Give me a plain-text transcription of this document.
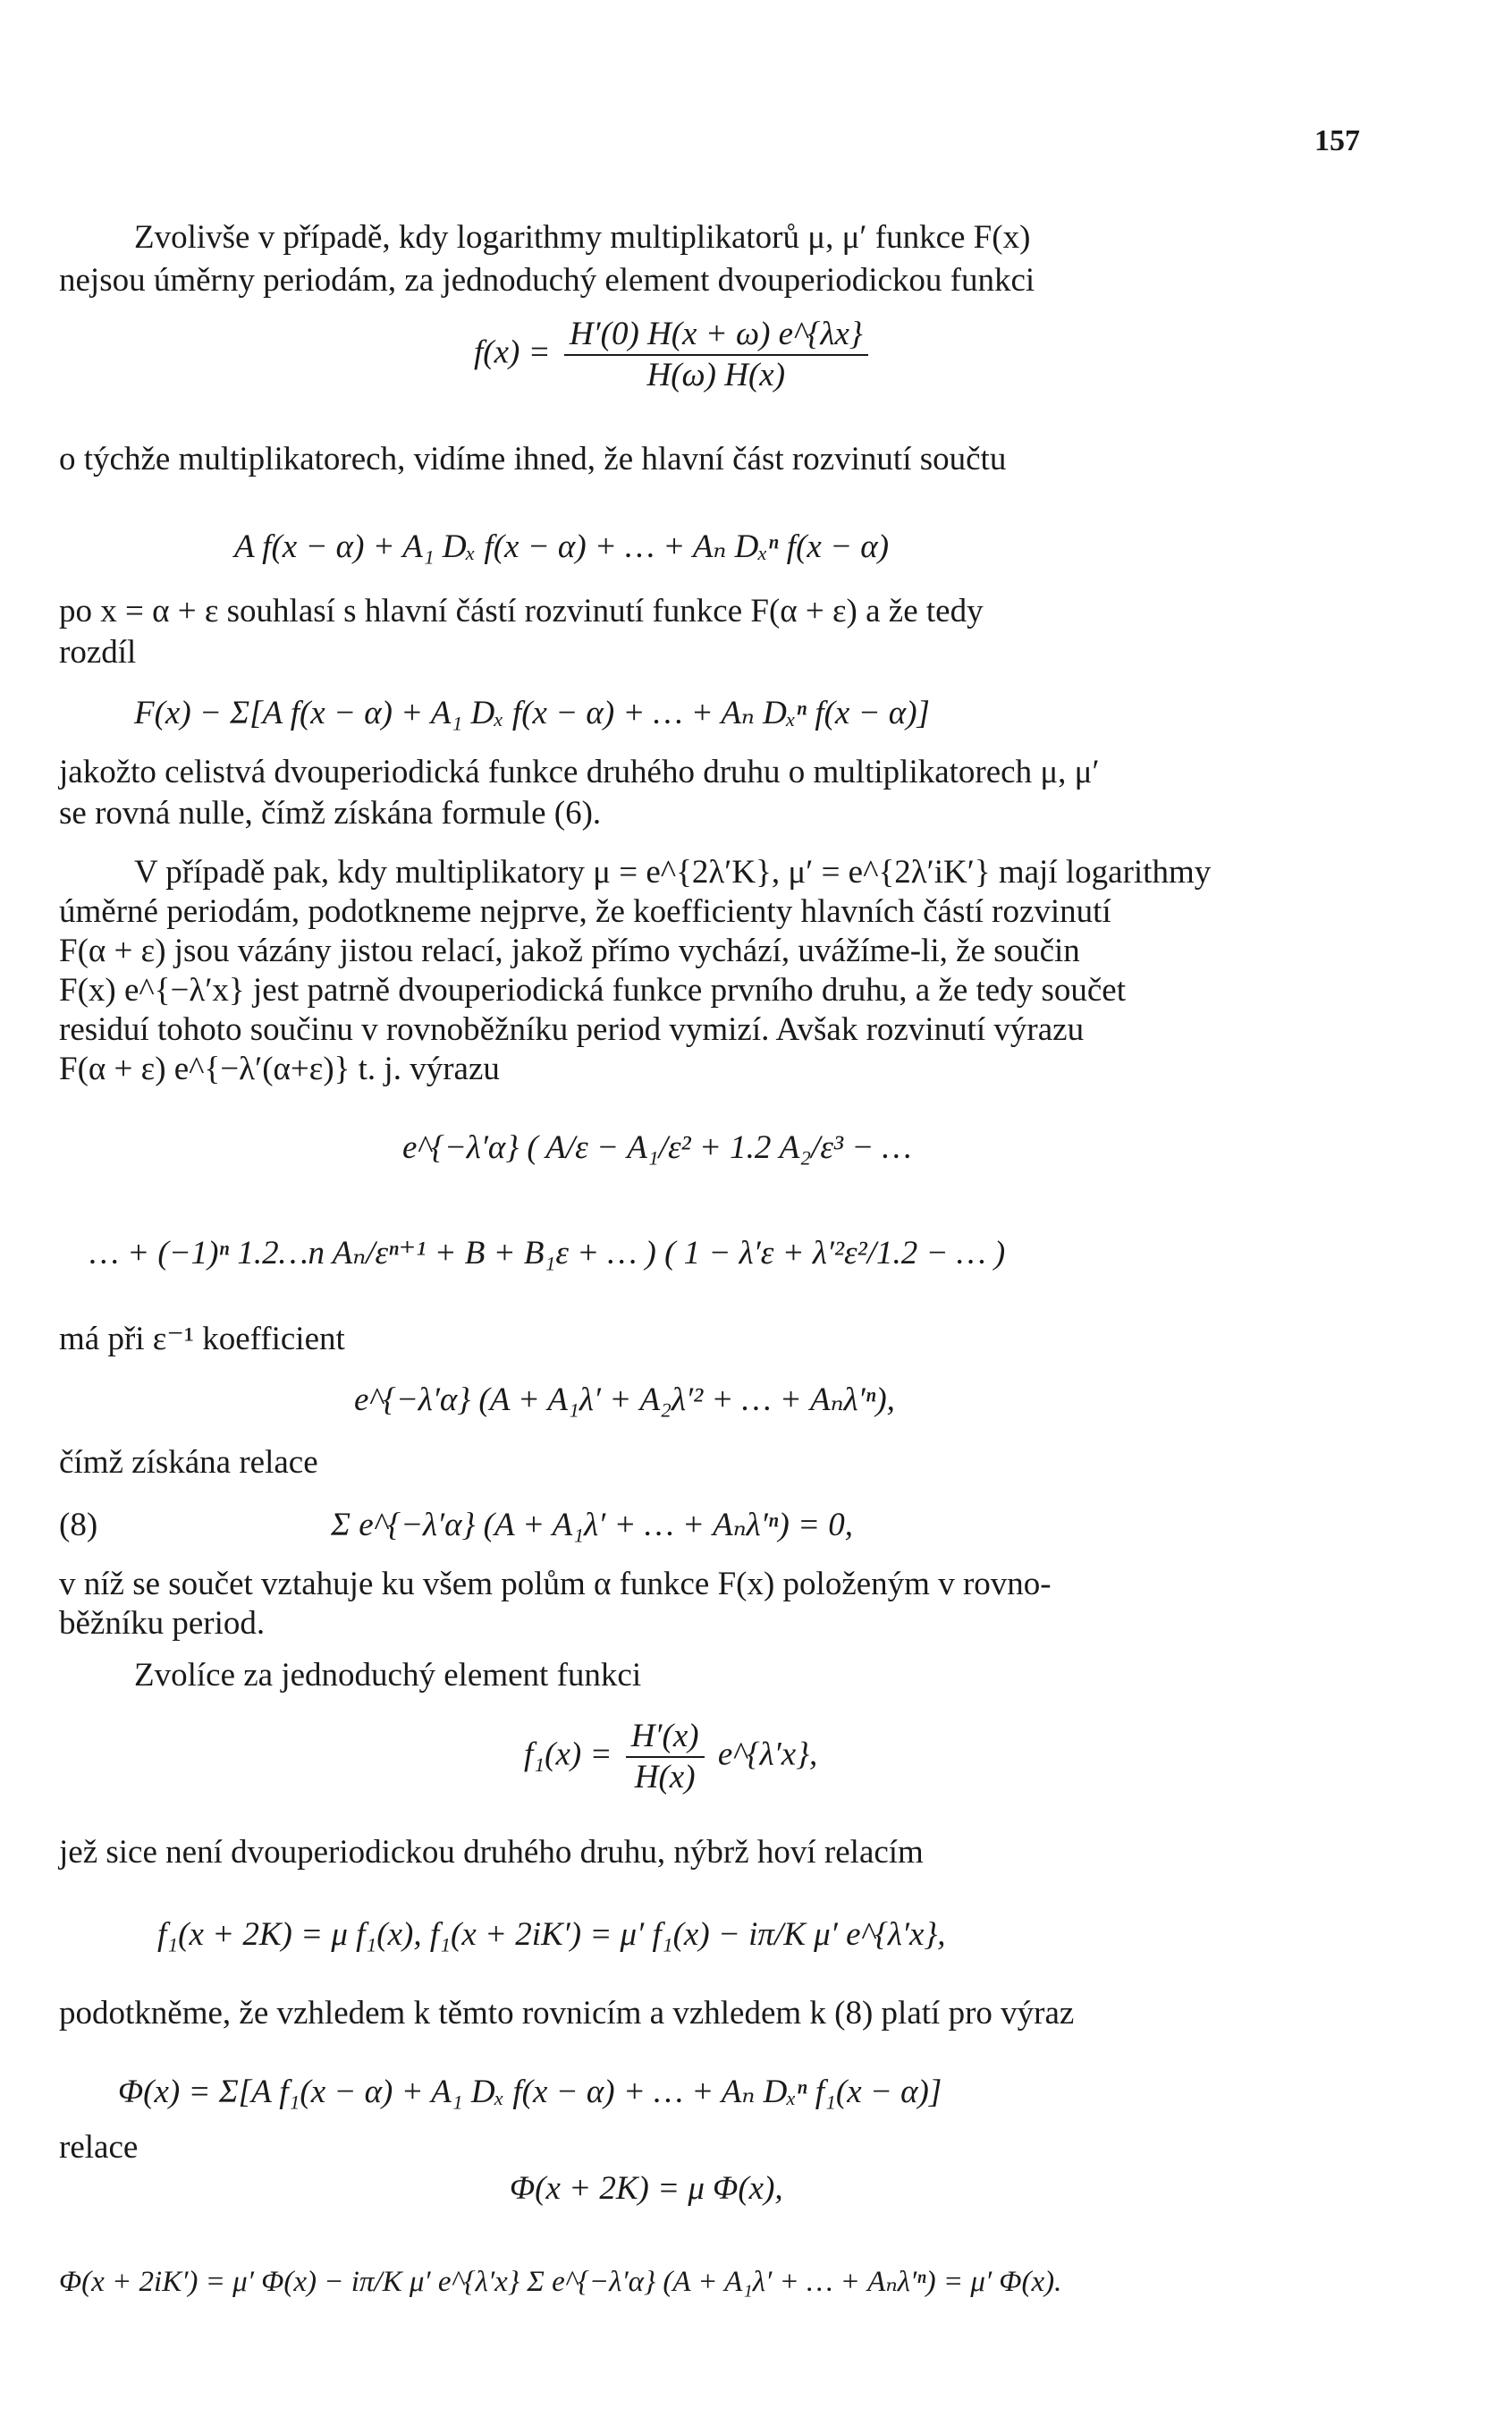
157
Zvolivše v případě, kdy logarithmy multiplikatorů μ, μ′ funkce F(x)
nejsou úměrny periodám, za jednoduchý element dvouperiodickou funkci
$f(x) = \frac{H'(0) H(x + \omega) e\^{}\{\lambda x\}}{H(\omega) H(x)}$
o týchže multiplikatorech, vidíme ihned, že hlavní část rozvinutí součtu
A f(x − α) + A₁ Dₓ f(x − α) + … + Aₙ Dₓⁿ f(x − α)
po x = α + ε souhlasí s hlavní částí rozvinutí funkce F(α + ε) a že tedy
rozdíl
F(x) − Σ[A f(x − α) + A₁ Dₓ f(x − α) + … + Aₙ Dₓⁿ f(x − α)]
jakožto celistvá dvouperiodická funkce druhého druhu o multiplikatorech μ, μ′
se rovná nulle, čímž získána formule (6).
V případě pak, kdy multiplikatory μ = e^{2λ′K}, μ′ = e^{2λ′iK′} mají logarithmy
úměrné periodám, podotkneme nejprve, že koefficienty hlavních částí rozvinutí
F(α + ε) jsou vázány jistou relací, jakož přímo vychází, uvážíme-li, že součin
F(x) e^{−λ′x} jest patrně dvouperiodická funkce prvního druhu, a že tedy součet
residuí tohoto součinu v rovnoběžníku period vymizí. Avšak rozvinutí výrazu
F(α + ε) e^{−λ′(α+ε)} t. j. výrazu
e^{−λ′α} ( A/ε − A₁/ε² + 1.2 A₂/ε³ − …
… + (−1)ⁿ 1.2…n Aₙ/εⁿ⁺¹ + B + B₁ε + … ) ( 1 − λ′ε + λ′²ε²/1.2 − … )
má při ε⁻¹ koefficient
e^{−λ′α} (A + A₁λ′ + A₂λ′² + … + Aₙλ′ⁿ),
čímž získána relace
(8)	Σ e^{−λ′α} (A + A₁λ′ + … + Aₙλ′ⁿ) = 0,
v níž se součet vztahuje ku všem polům α funkce F(x) položeným v rovno-
běžníku period.
Zvolíce za jednoduchý element funkci
$f_1(x) = \frac{H'(x)}{H(x)}$ e^{λ′x},
jež sice není dvouperiodickou druhého druhu, nýbrž hoví relacím
f₁(x + 2K) = μ f₁(x), f₁(x + 2iK′) = μ′ f₁(x) − iπ/K μ′ e^{λ′x},
podotkněme, že vzhledem k těmto rovnicím a vzhledem k (8) platí pro výraz
Φ(x) = Σ[A f₁(x − α) + A₁ Dₓ f(x − α) + … + Aₙ Dₓⁿ f₁(x − α)]
relace
Φ(x + 2K) = μ Φ(x),
Φ(x + 2iK′) = μ′ Φ(x) − iπ/K μ′ e^{λ′x} Σ e^{−λ′α} (A + A₁λ′ + … + Aₙλ′ⁿ) = μ′ Φ(x).
